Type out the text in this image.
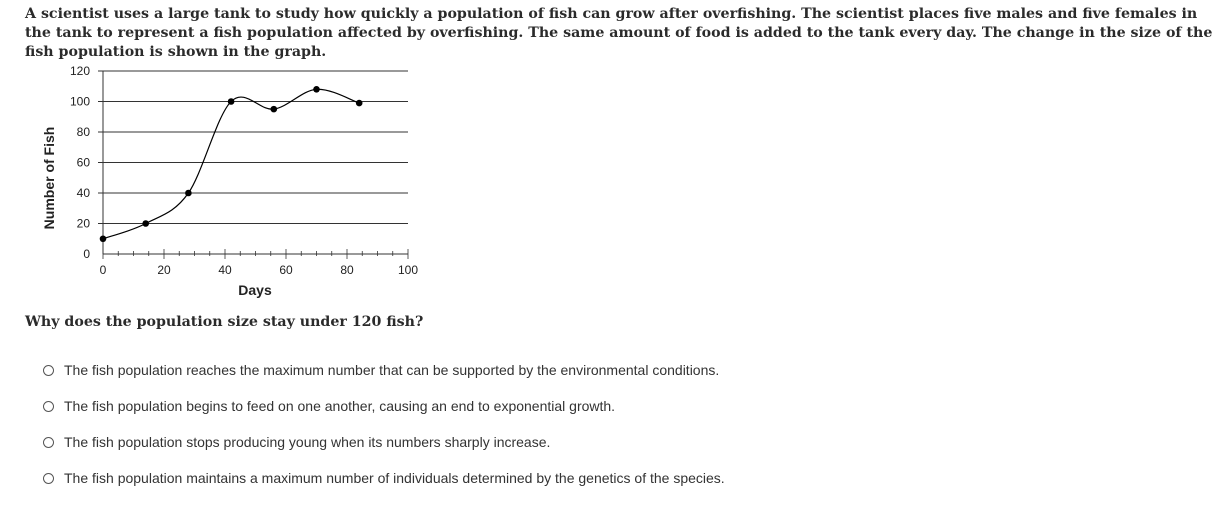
A scientist uses a large tank to study how quickly a population of fish can grow after overfishing. The scientist places five males and five females in the tank to represent a fish population affected by overfishing. The same amount of food is added to the tank every day. The change in the size of the fish population is shown in the graph.

0
20
40
60
80
100
120
0	20	40	60	80	100
Number of Fish
Days

Why does the population size stay under 120 fish?

The fish population reaches the maximum number that can be supported by the environmental conditions.
The fish population begins to feed on one another, causing an end to exponential growth.
The fish population stops producing young when its numbers sharply increase.
The fish population maintains a maximum number of individuals determined by the genetics of the species.
